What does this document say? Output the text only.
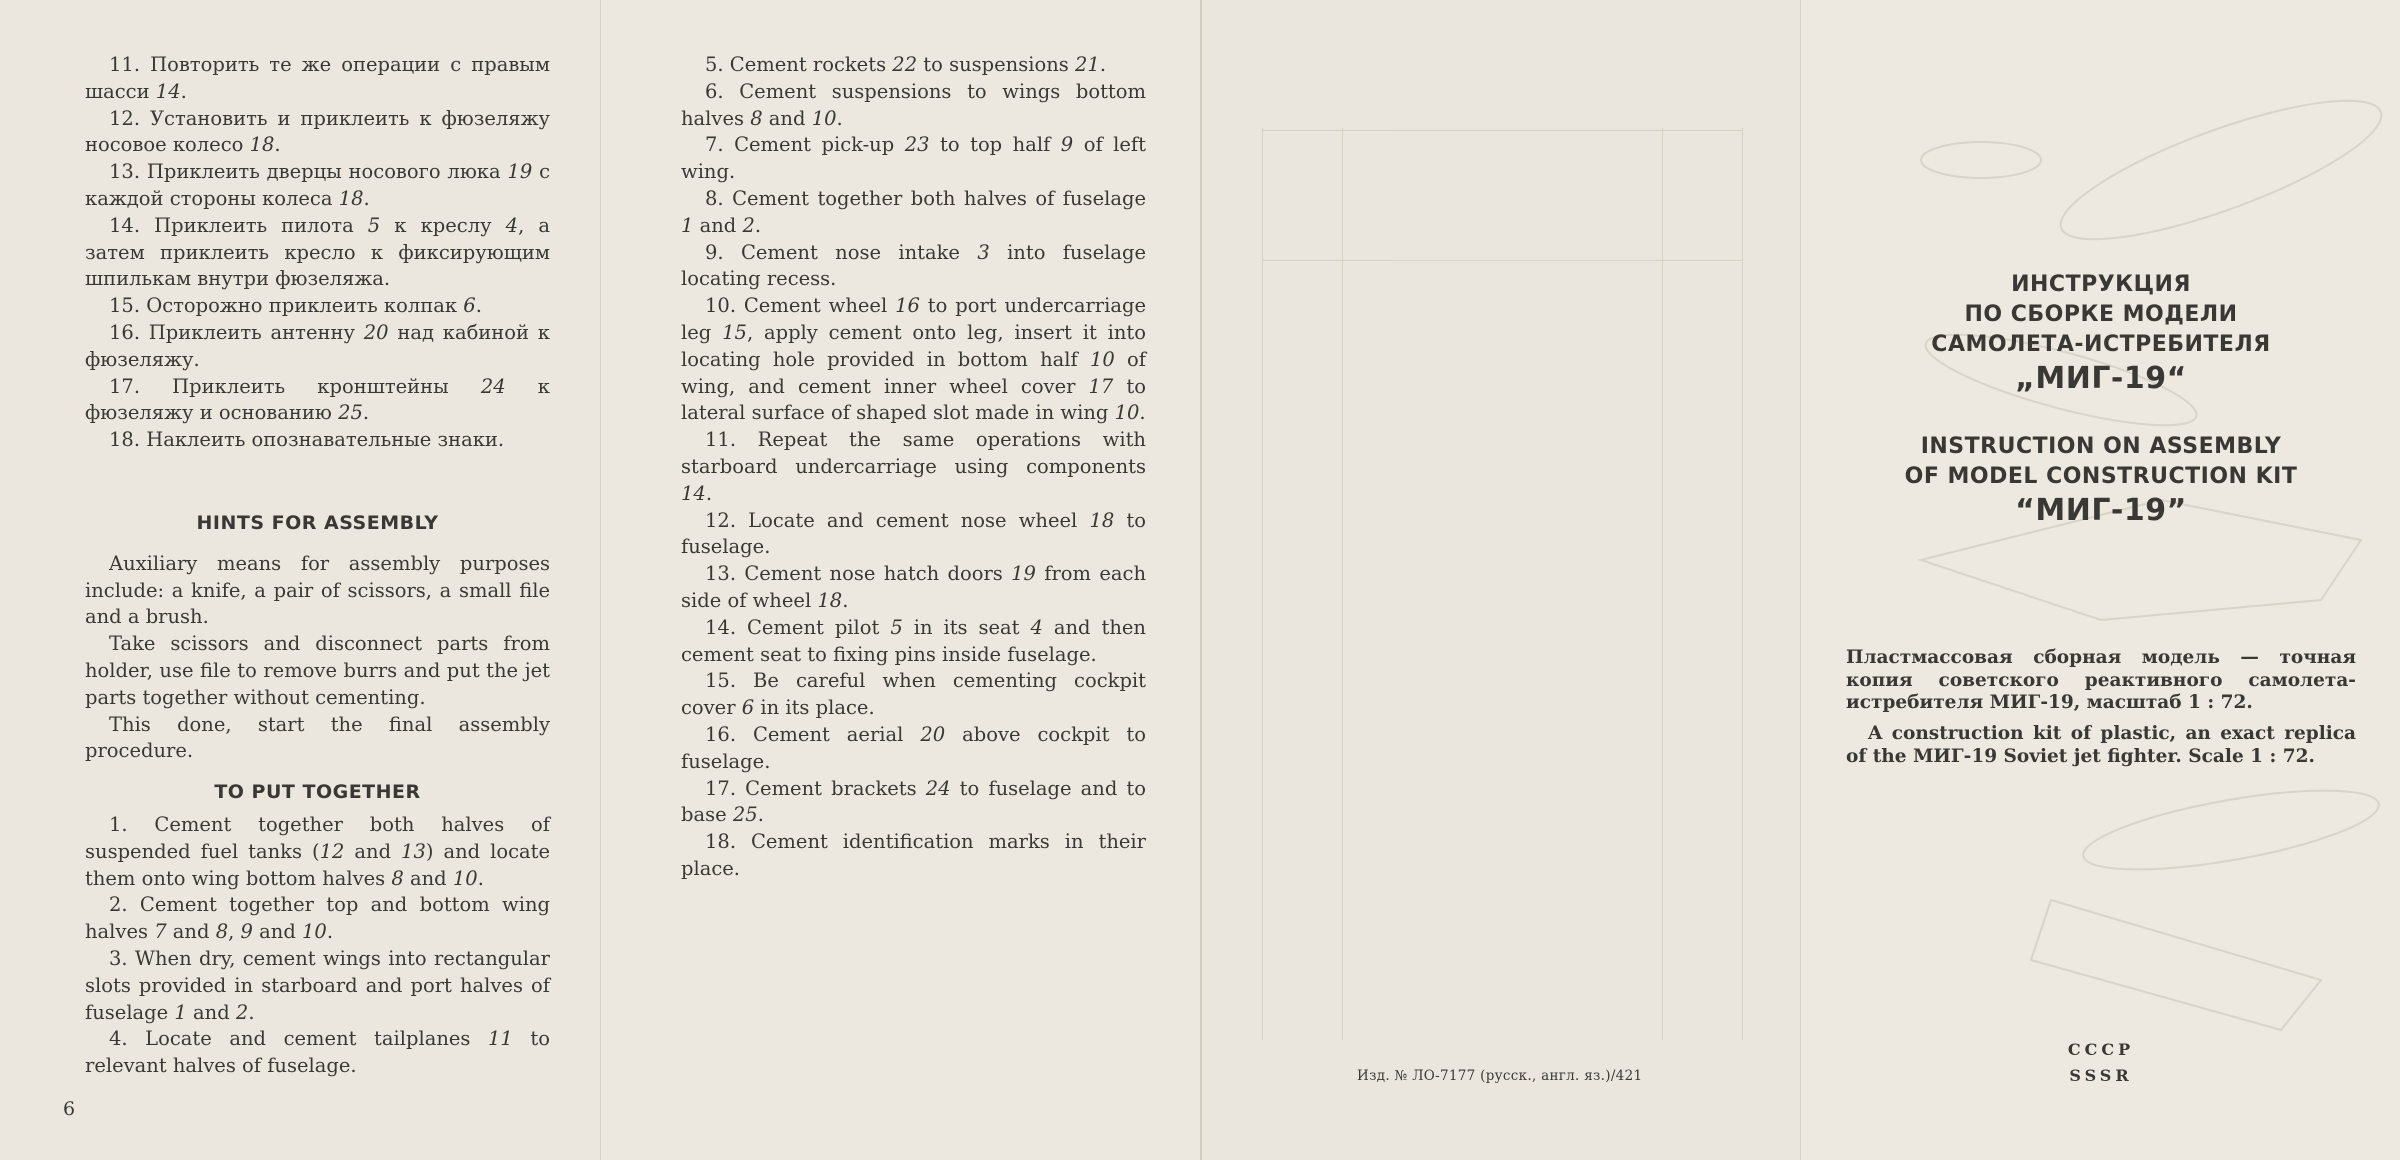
11. Повторить те же операции с правым шасси 14.

12. Установить и приклеить к фюзеляжу носовое колесо 18.

13. Приклеить дверцы носового люка 19 с каждой стороны колеса 18.

14. Приклеить пилота 5 к креслу 4, а затем приклеить кресло к фиксирующим шпилькам внутри фюзеляжа.

15. Осторожно приклеить колпак 6.

16. Приклеить антенну 20 над кабиной к фюзеляжу.

17. Приклеить кронштейны 24 к фюзеляжу и основанию 25.

18. Наклеить опознавательные знаки.

HINTS FOR ASSEMBLY

Auxiliary means for assembly purposes include: a knife, a pair of scissors, a small file and a brush.

Take scissors and disconnect parts from holder, use file to remove burrs and put the jet parts together without cementing.

This done, start the final assembly procedure.

TO PUT TOGETHER

1. Cement together both halves of suspended fuel tanks (12 and 13) and locate them onto wing bottom halves 8 and 10.

2. Cement together top and bottom wing halves 7 and 8, 9 and 10.

3. When dry, cement wings into rectangular slots provided in starboard and port halves of fuselage 1 and 2.

4. Locate and cement tailplanes 11 to relevant halves of fuselage.

6

5. Cement rockets 22 to suspensions 21.

6. Cement suspensions to wings bottom halves 8 and 10.

7. Cement pick-up 23 to top half 9 of left wing.

8. Cement together both halves of fuselage 1 and 2.

9. Cement nose intake 3 into fuselage locating recess.

10. Cement wheel 16 to port undercarriage leg 15, apply cement onto leg, insert it into locating hole provided in bottom half 10 of wing, and cement inner wheel cover 17 to lateral surface of shaped slot made in wing 10.

11. Repeat the same operations with starboard undercarriage using components 14.

12. Locate and cement nose wheel 18 to fuselage.

13. Cement nose hatch doors 19 from each side of wheel 18.

14. Cement pilot 5 in its seat 4 and then cement seat to fixing pins inside fuselage.

15. Be careful when cementing cockpit cover 6 in its place.

16. Cement aerial 20 above cockpit to fuselage.

17. Cement brackets 24 to fuselage and to base 25.

18. Cement identification marks in their place.

Изд. № ЛО-7177 (русск., англ. яз.)/421
ИНСТРУКЦИЯ
ПО СБОРКЕ МОДЕЛИ
САМОЛЕТА-ИСТРЕБИТЕЛЯ
„МИГ-19“
INSTRUCTION ON ASSEMBLY
OF MODEL CONSTRUCTION KIT
“МИГ-19”
Пластмассовая сборная модель — точная копия советского реактивного самолета-истребителя МИГ-19, масштаб 1 : 72.
A construction kit of plastic, an exact replica of the МИГ-19 Soviet jet fighter. Scale 1 : 72.
СССР
SSSR
